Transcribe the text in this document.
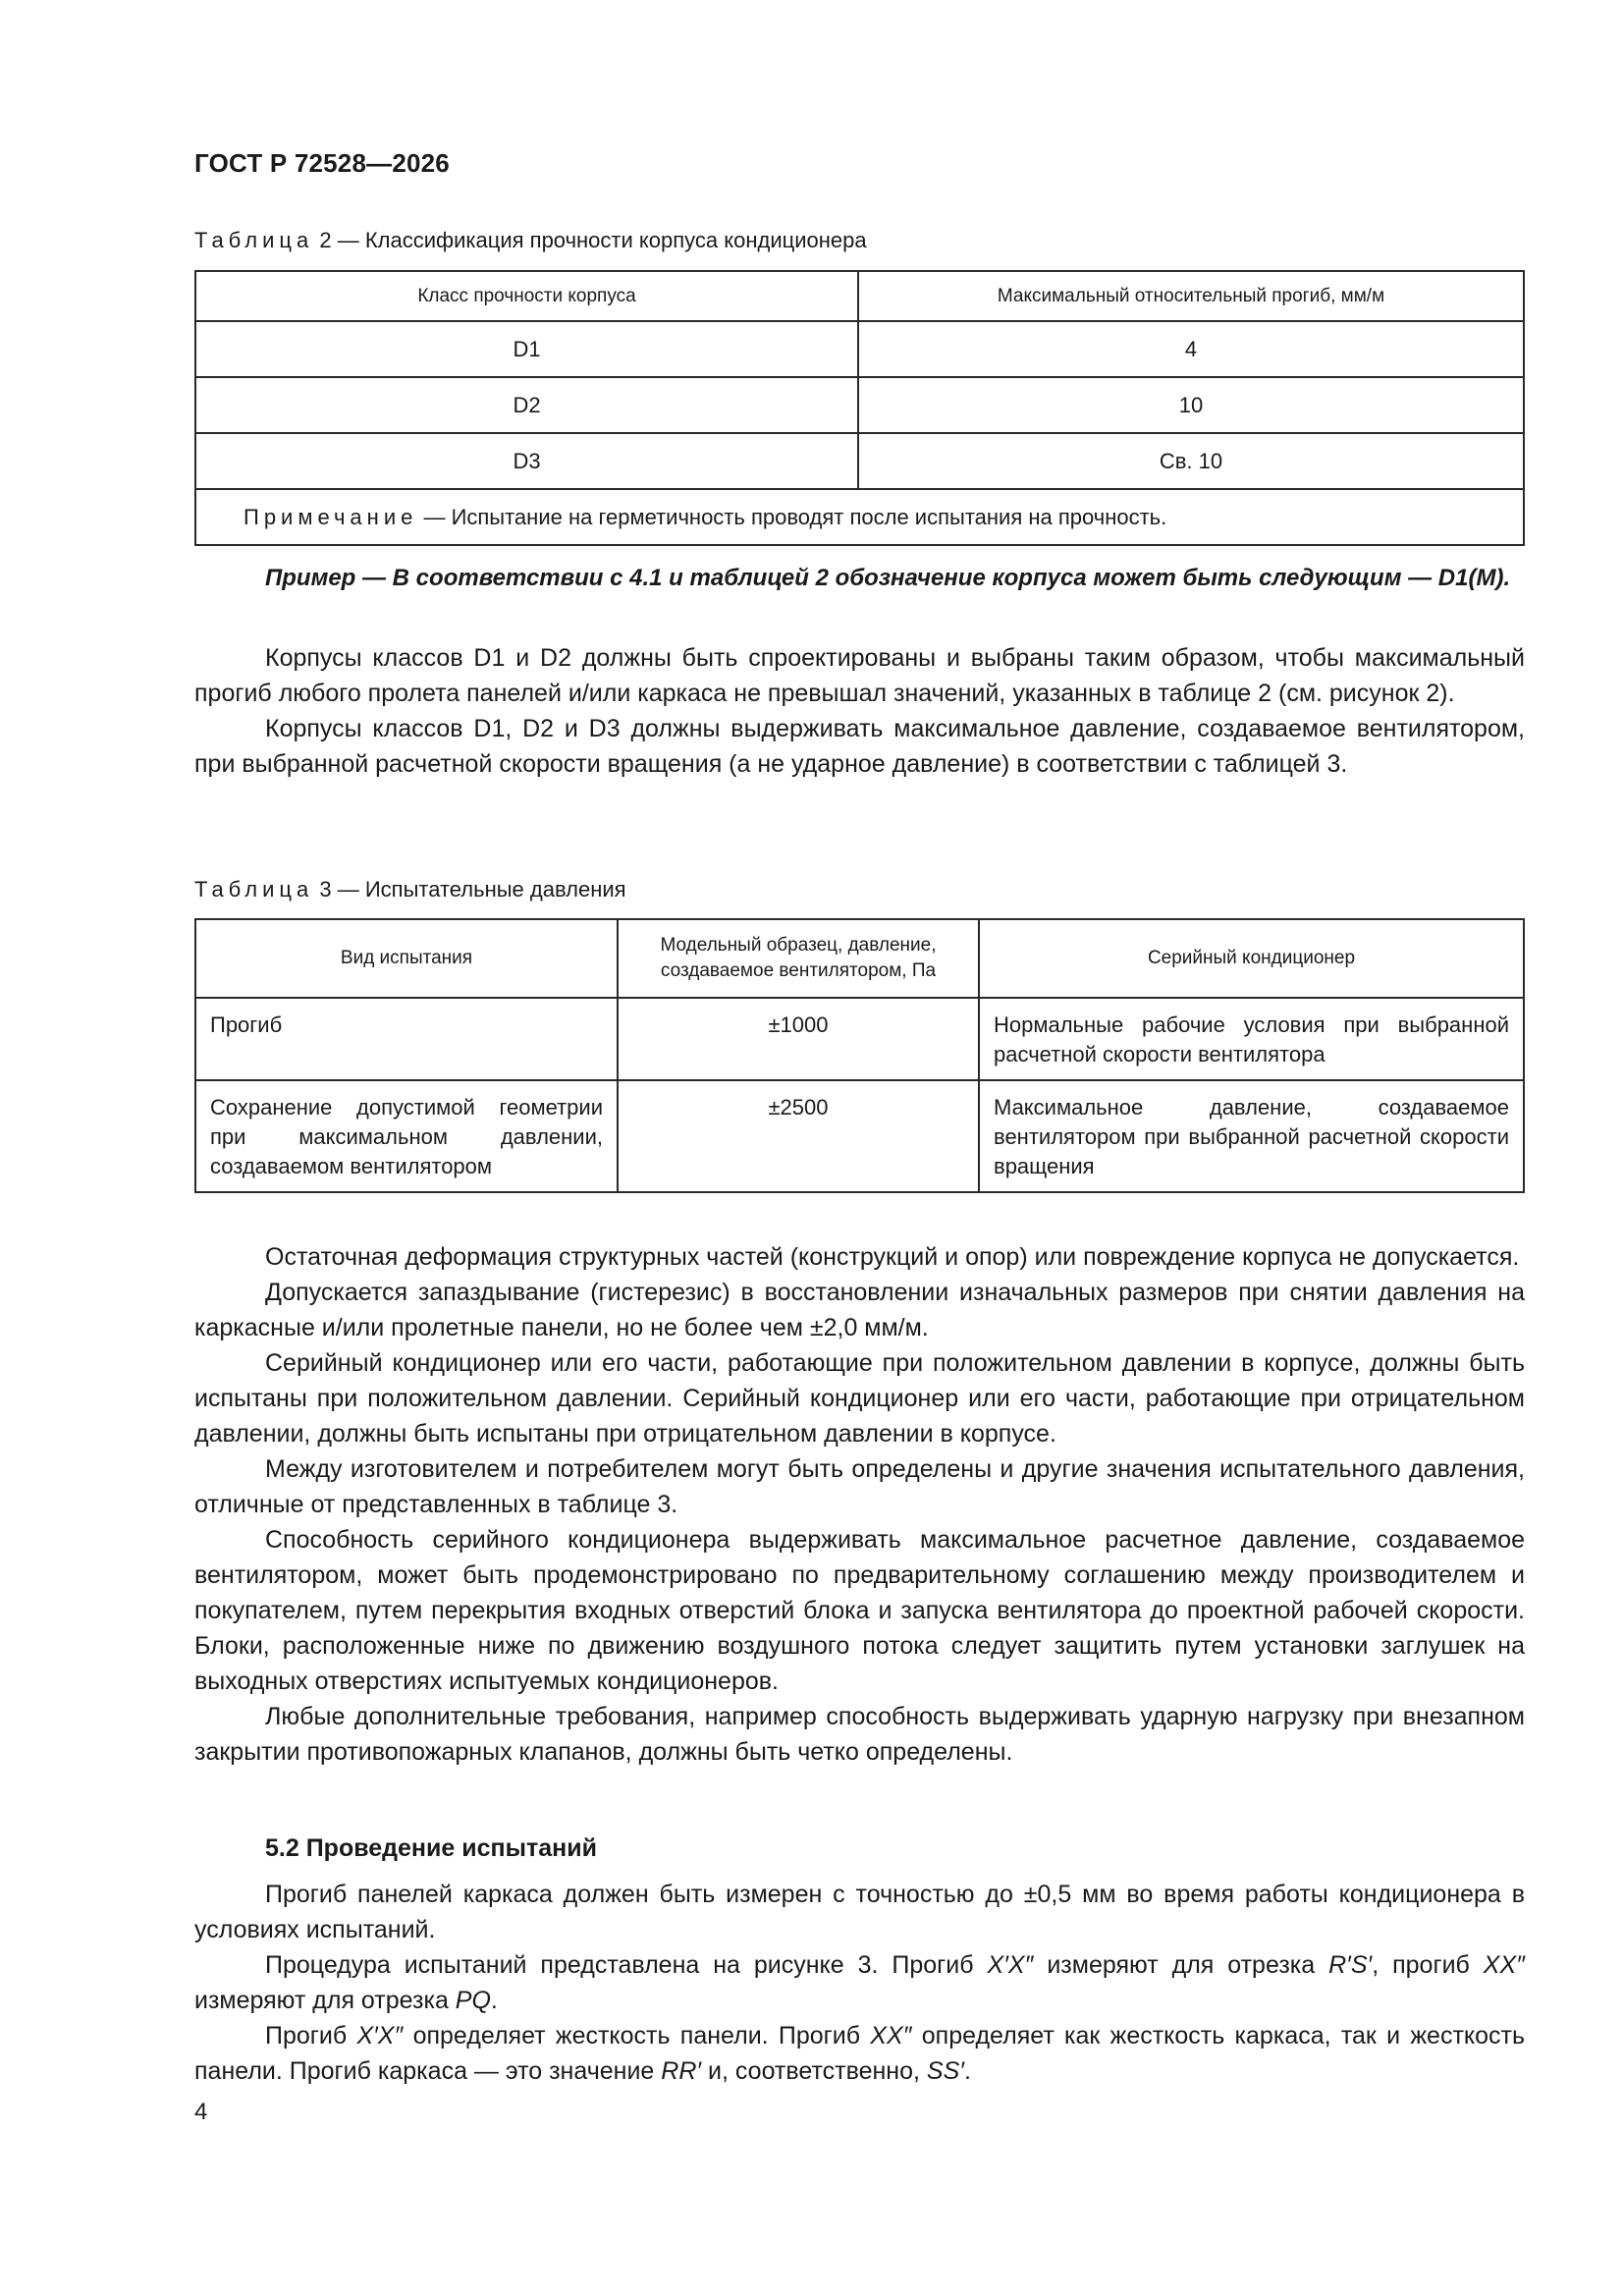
ГОСТ Р 72528—2026
Таблица 2 — Классификация прочности корпуса кондиционера
Класс прочности корпуса	Максимальный относительный прогиб, мм/м
D1	4
D2	10
D3	Св. 10
Примечание — Испытание на герметичность проводят после испытания на прочность.	

Пример — В соответствии с 4.1 и таблицей 2 обозначение корпуса может быть следующим — D1(M).

Корпусы классов D1 и D2 должны быть спроектированы и выбраны таким образом, чтобы максимальный прогиб любого пролета панелей и/или каркаса не превышал значений, указанных в таблице 2 (см. рисунок 2).

Корпусы классов D1, D2 и D3 должны выдерживать максимальное давление, создаваемое вентилятором, при выбранной расчетной скорости вращения (а не ударное давление) в соответствии с таблицей 3.

Таблица 3 — Испытательные давления
Вид испытания	Модельный образец, давление, создаваемое вентилятором, Па	Серийный кондиционер
Прогиб	±1000	Нормальные рабочие условия при выбранной расчетной скорости вентилятора
Сохранение допустимой геометрии при максимальном давлении, создаваемом вентилятором	±2500	Максимальное давление, создаваемое вентилятором при выбранной расчетной скорости вращения

Остаточная деформация структурных частей (конструкций и опор) или повреждение корпуса не допускается.

Допускается запаздывание (гистерезис) в восстановлении изначальных размеров при снятии давления на каркасные и/или пролетные панели, но не более чем ±2,0 мм/м.

Серийный кондиционер или его части, работающие при положительном давлении в корпусе, должны быть испытаны при положительном давлении. Серийный кондиционер или его части, работающие при отрицательном давлении, должны быть испытаны при отрицательном давлении в корпусе.

Между изготовителем и потребителем могут быть определены и другие значения испытательного давления, отличные от представленных в таблице 3.

Способность серийного кондиционера выдерживать максимальное расчетное давление, создаваемое вентилятором, может быть продемонстрировано по предварительному соглашению между производителем и покупателем, путем перекрытия входных отверстий блока и запуска вентилятора до проектной рабочей скорости. Блоки, расположенные ниже по движению воздушного потока следует защитить путем установки заглушек на выходных отверстиях испытуемых кондиционеров.

Любые дополнительные требования, например способность выдерживать ударную нагрузку при внезапном закрытии противопожарных клапанов, должны быть четко определены.

5.2 Проведение испытаний

Прогиб панелей каркаса должен быть измерен с точностью до ±0,5 мм во время работы кондиционера в условиях испытаний.

Процедура испытаний представлена на рисунке 3. Прогиб X′X″ измеряют для отрезка R′S′, прогиб XX″ измеряют для отрезка PQ.

Прогиб X′X″ определяет жесткость панели. Прогиб XX″ определяет как жесткость каркаса, так и жесткость панели. Прогиб каркаса — это значение RR′ и, соответственно, SS′.

4
